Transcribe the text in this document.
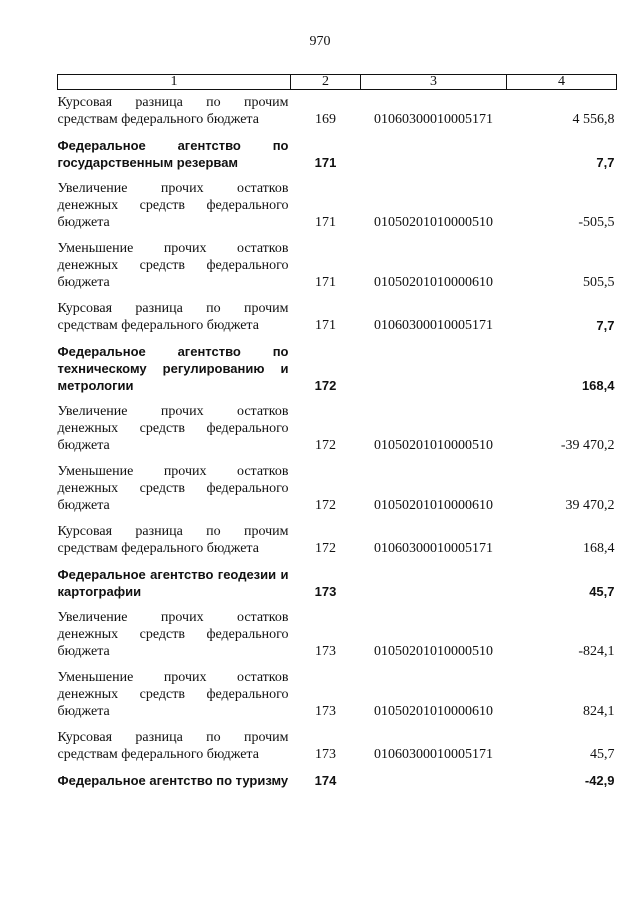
970
1	2	3	4
Курсовая разница по прочим средствам федерального бюджета	169	01060300010005171	4 556,8
Федеральное агентство по государственным резервам	171		7,7
Увеличение прочих остатков денежных средств федерального бюджета	171	01050201010000510	-505,5
Уменьшение прочих остатков денежных средств федерального бюджета	171	01050201010000610	505,5
Курсовая разница по прочим средствам федерального бюджета	171	01060300010005171	7,7
Федеральное агентство по техническому регулированию и метрологии	172		168,4
Увеличение прочих остатков денежных средств федерального бюджета	172	01050201010000510	-39 470,2
Уменьшение прочих остатков денежных средств федерального бюджета	172	01050201010000610	39 470,2
Курсовая разница по прочим средствам федерального бюджета	172	01060300010005171	168,4
Федеральное агентство геодезии и картографии	173		45,7
Увеличение прочих остатков денежных средств федерального бюджета	173	01050201010000510	-824,1
Уменьшение прочих остатков денежных средств федерального бюджета	173	01050201010000610	824,1
Курсовая разница по прочим средствам федерального бюджета	173	01060300010005171	45,7
Федеральное агентство по туризму	174		-42,9
